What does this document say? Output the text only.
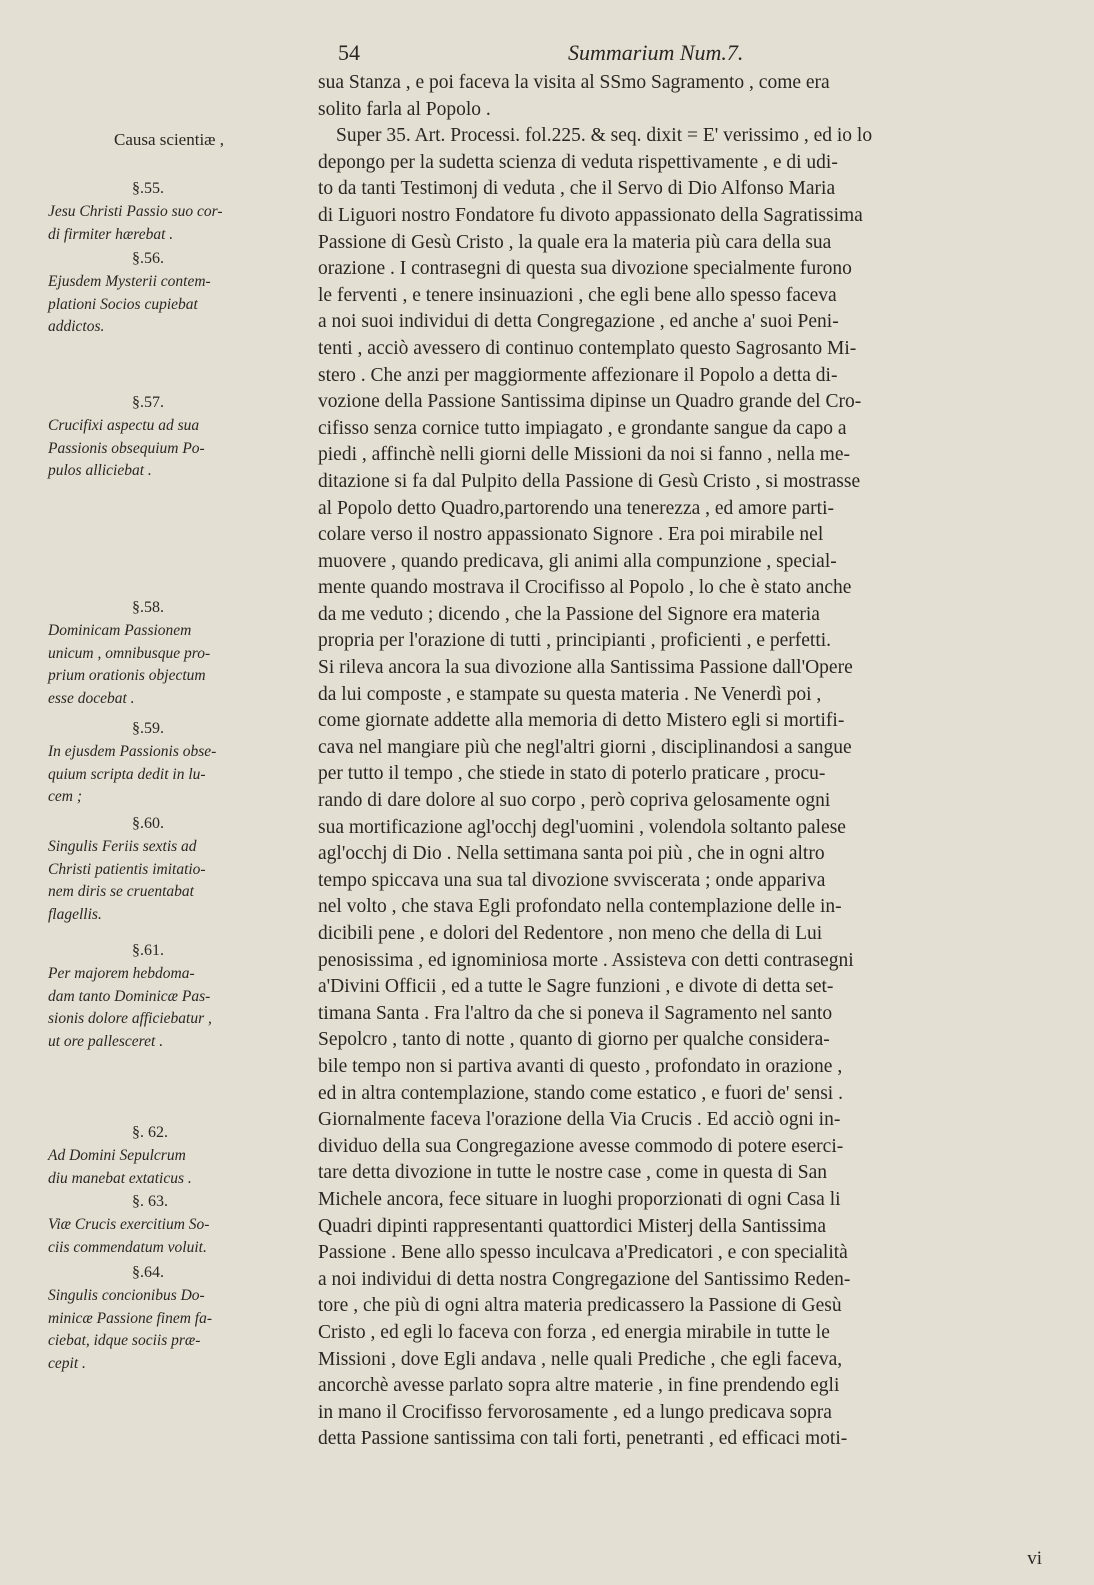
54	Summarium Num.7.
Causa scientiæ ,
§.55.
Jesu Christi Passio suo cor-
di firmiter hærebat .
§.56.
Ejusdem Mysterii contem-
plationi Socios cupiebat
addictos.
§.57.
Crucifixi aspectu ad sua
Passionis obsequium Po-
pulos alliciebat .
§.58.
Dominicam Passionem
unicum , omnibusque pro-
prium orationis objectum
esse docebat .
§.59.
In ejusdem Passionis obse-
quium scripta dedit in lu-
cem ;
§.60.
Singulis Feriis sextis ad
Christi patientis imitatio-
nem diris se cruentabat
flagellis.
§.61.
Per majorem hebdoma-
dam tanto Dominicæ Pas-
sionis dolore afficiebatur ,
ut ore pallesceret .
§. 62.
Ad Domini Sepulcrum
diu manebat extaticus .
§. 63.
Viæ Crucis exercitium So-
ciis commendatum voluit.
§.64.
Singulis concionibus Do-
minicæ Passione finem fa-
ciebat, idque sociis præ-
cepit .
sua Stanza , e poi faceva la visita al SSmo Sagramento , come era
solito farla al Popolo .
Super 35. Art. Processi. fol.225. & seq. dixit = E' verissimo , ed io lo
depongo per la sudetta scienza di veduta rispettivamente , e di udi-
to da tanti Testimonj di veduta , che il Servo di Dio Alfonso Maria
di Liguori nostro Fondatore fu divoto appassionato della Sagratissima
Passione di Gesù Cristo , la quale era la materia più cara della sua
orazione . I contrasegni di questa sua divozione specialmente furono
le ferventi , e tenere insinuazioni , che egli bene allo spesso faceva
a noi suoi individui di detta Congregazione , ed anche a' suoi Peni-
tenti , acciò avessero di continuo contemplato questo Sagrosanto Mi-
stero . Che anzi per maggiormente affezionare il Popolo a detta di-
vozione della Passione Santissima dipinse un Quadro grande del Cro-
cifisso senza cornice tutto impiagato , e grondante sangue da capo a
piedi , affinchè nelli giorni delle Missioni da noi si fanno , nella me-
ditazione si fa dal Pulpito della Passione di Gesù Cristo , si mostrasse
al Popolo detto Quadro,partorendo una tenerezza , ed amore parti-
colare verso il nostro appassionato Signore . Era poi mirabile nel
muovere , quando predicava, gli animi alla compunzione , special-
mente quando mostrava il Crocifisso al Popolo , lo che è stato anche
da me veduto ; dicendo , che la Passione del Signore era materia
propria per l'orazione di tutti , principianti , proficienti , e perfetti.
Si rileva ancora la sua divozione alla Santissima Passione dall'Opere
da lui composte , e stampate su questa materia . Ne Venerdì poi ,
come giornate addette alla memoria di detto Mistero egli si mortifi-
cava nel mangiare più che negl'altri giorni , disciplinandosi a sangue
per tutto il tempo , che stiede in stato di poterlo praticare , procu-
rando di dare dolore al suo corpo , però copriva gelosamente ogni
sua mortificazione agl'occhj degl'uomini , volendola soltanto palese
agl'occhj di Dio . Nella settimana santa poi più , che in ogni altro
tempo spiccava una sua tal divozione svviscerata ; onde appariva
nel volto , che stava Egli profondato nella contemplazione delle in-
dicibili pene , e dolori del Redentore , non meno che della di Lui
penosissima , ed ignominiosa morte . Assisteva con detti contrasegni
a'Divini Officii , ed a tutte le Sagre funzioni , e divote di detta set-
timana Santa . Fra l'altro da che si poneva il Sagramento nel santo
Sepolcro , tanto di notte , quanto di giorno per qualche considera-
bile tempo non si partiva avanti di questo , profondato in orazione ,
ed in altra contemplazione, stando come estatico , e fuori de' sensi .
Giornalmente faceva l'orazione della Via Crucis . Ed acciò ogni in-
dividuo della sua Congregazione avesse commodo di potere eserci-
tare detta divozione in tutte le nostre case , come in questa di San
Michele ancora, fece situare in luoghi proporzionati di ogni Casa li
Quadri dipinti rappresentanti quattordici Misterj della Santissima
Passione . Bene allo spesso inculcava a'Predicatori , e con specialità
a noi individui di detta nostra Congregazione del Santissimo Reden-
tore , che più di ogni altra materia predicassero la Passione di Gesù
Cristo , ed egli lo faceva con forza , ed energia mirabile in tutte le
Missioni , dove Egli andava , nelle quali Prediche , che egli faceva,
ancorchè avesse parlato sopra altre materie , in fine prendendo egli
in mano il Crocifisso fervorosamente , ed a lungo predicava sopra
detta Passione santissima con tali forti, penetranti , ed efficaci moti-
vi
